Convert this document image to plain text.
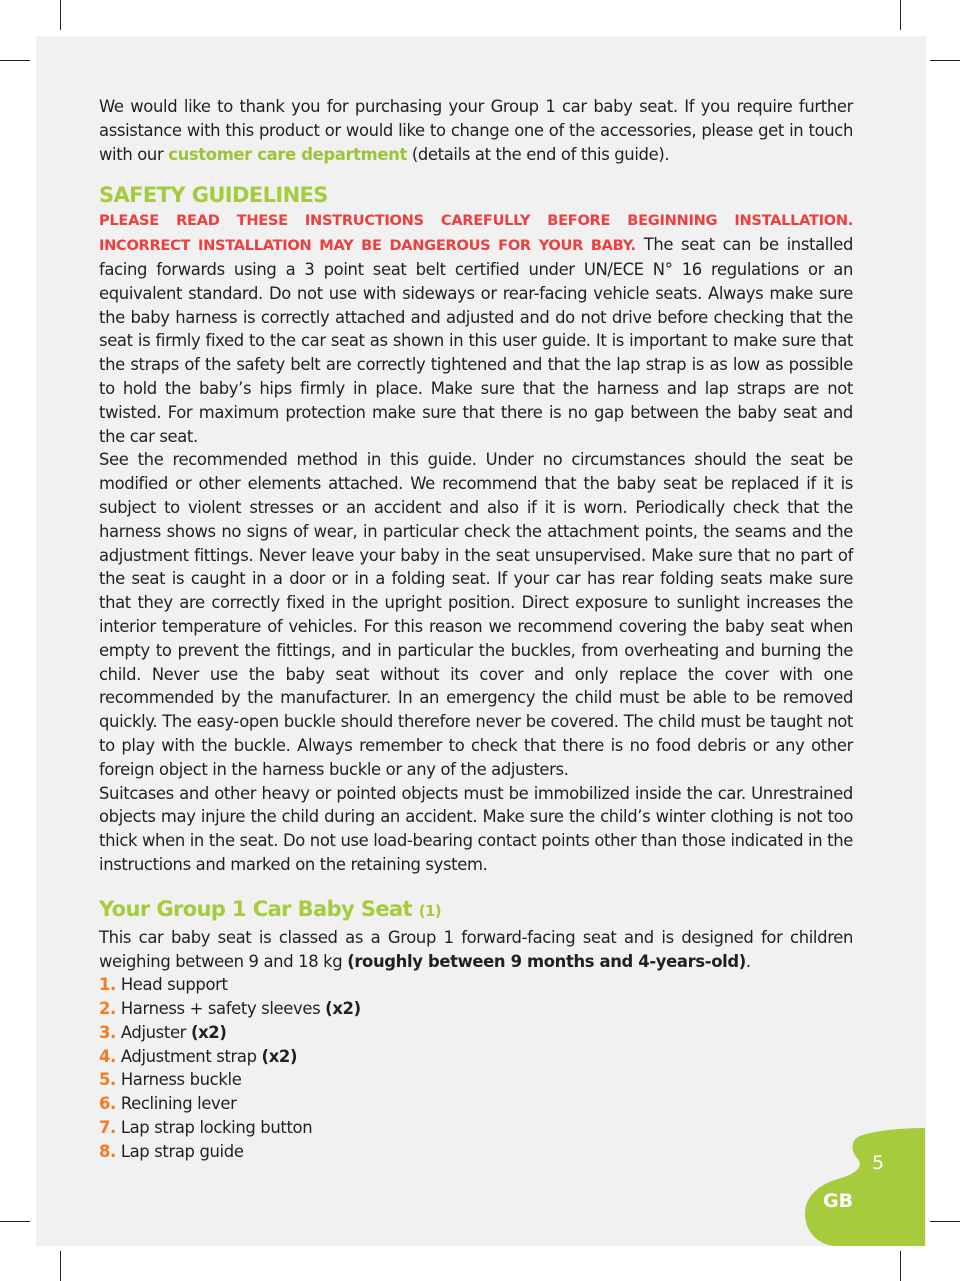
We would like to thank you for purchasing your Group 1 car baby seat. If you require further assistance with this product or would like to change one of the accessories, please get in touch with our customer care department (details at the end of this guide).

SAFETY GUIDELINES

PLEASE READ THESE INSTRUCTIONS CAREFULLY BEFORE BEGINNING INSTALLATION. INCORRECT INSTALLATION MAY BE DANGEROUS FOR YOUR BABY. The seat can be installed facing forwards using a 3 point seat belt certified under UN/ECE N° 16 regulations or an equivalent standard. Do not use with sideways or rear-facing vehicle seats. Always make sure the baby harness is correctly attached and adjusted and do not drive before checking that the seat is firmly fixed to the car seat as shown in this user guide. It is important to make sure that the straps of the safety belt are correctly tightened and that the lap strap is as low as possible to hold the baby’s hips firmly in place. Make sure that the harness and lap straps are not twisted. For maximum protection make sure that there is no gap between the baby seat and the car seat.

See the recommended method in this guide. Under no circumstances should the seat be modified or other elements attached. We recommend that the baby seat be replaced if it is subject to violent stresses or an accident and also if it is worn. Periodically check that the harness shows no signs of wear, in particular check the attachment points, the seams and the adjustment fittings. Never leave your baby in the seat unsupervised. Make sure that no part of the seat is caught in a door or in a folding seat. If your car has rear folding seats make sure that they are correctly fixed in the upright position. Direct exposure to sunlight increases the interior temperature of vehicles. For this reason we recommend covering the baby seat when empty to prevent the fittings, and in particular the buckles, from overheating and burning the child. Never use the baby seat without its cover and only replace the cover with one recommended by the manufacturer. In an emergency the child must be able to be removed quickly. The easy-open buckle should therefore never be covered. The child must be taught not to play with the buckle. Always remember to check that there is no food debris or any other foreign object in the harness buckle or any of the adjusters.

Suitcases and other heavy or pointed objects must be immobilized inside the car. Unrestrained objects may injure the child during an accident. Make sure the child’s winter clothing is not too thick when in the seat. Do not use load-bearing contact points other than those indicated in the instructions and marked on the retaining system.

Your Group 1 Car Baby Seat (1)

This car baby seat is classed as a Group 1 forward-facing seat and is designed for children weighing between 9 and 18 kg (roughly between 9 months and 4-years-old).

1. Head support
2. Harness + safety sleeves (x2)
3. Adjuster (x2)
4. Adjustment strap (x2)
5. Harness buckle
6. Reclining lever
7. Lap strap locking button
8. Lap strap guide
5
GB
